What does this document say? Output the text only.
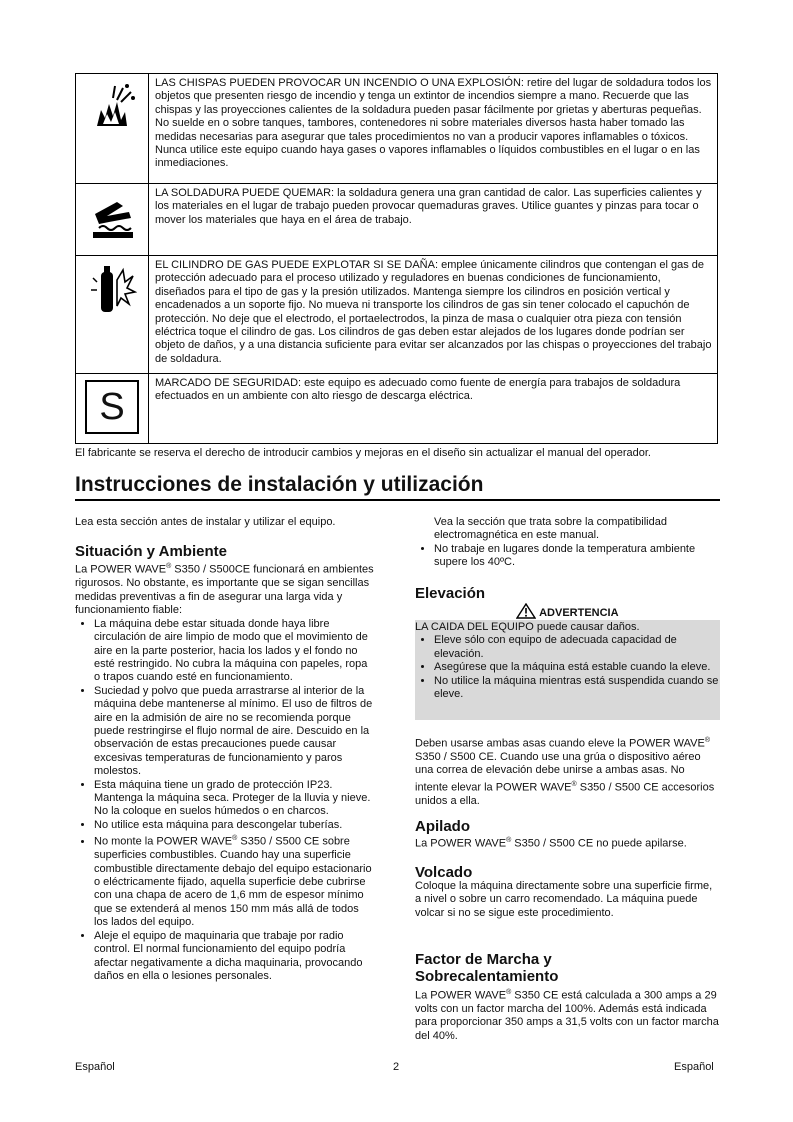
	LAS CHISPAS PUEDEN PROVOCAR UN INCENDIO O UNA EXPLOSIÓN: retire del lugar de soldadura todos los objetos que presenten riesgo de incendio y tenga un extintor de incendios siempre a mano. Recuerde que las chispas y las proyecciones calientes de la soldadura pueden pasar fácilmente por grietas y aberturas pequeñas. No suelde en o sobre tanques, tambores, contenedores ni sobre materiales diversos hasta haber tomado las medidas necesarias para asegurar que tales procedimientos no van a producir vapores inflamables o tóxicos. Nunca utilice este equipo cuando haya gases o vapores inflamables o líquidos combustibles en el lugar o en las inmediaciones.
	LA SOLDADURA PUEDE QUEMAR: la soldadura genera una gran cantidad de calor. Las superficies calientes y los materiales en el lugar de trabajo pueden provocar quemaduras graves. Utilice guantes y pinzas para tocar o mover los materiales que haya en el área de trabajo.
	EL CILINDRO DE GAS PUEDE EXPLOTAR SI SE DAÑA: emplee únicamente cilindros que contengan el gas de protección adecuado para el proceso utilizado y reguladores en buenas condiciones de funcionamiento, diseñados para el tipo de gas y la presión utilizados. Mantenga siempre los cilindros en posición vertical y encadenados a un soporte fijo. No mueva ni transporte los cilindros de gas sin tener colocado el capuchón de protección. No deje que el electrodo, el portaelectrodos, la pinza de masa o cualquier otra pieza con tensión eléctrica toque el cilindro de gas. Los cilindros de gas deben estar alejados de los lugares donde podrían ser objeto de daños, y a una distancia suficiente para evitar ser alcanzados por las chispas o proyecciones del trabajo de soldadura.

S	MARCADO DE SEGURIDAD: este equipo es adecuado como fuente de energía para trabajos de soldadura efectuados en un ambiente con alto riesgo de descarga eléctrica.
El fabricante se reserva el derecho de introducir cambios y mejoras en el diseño sin actualizar el manual del operador.
Instrucciones de instalación y utilización

Lea esta sección antes de instalar y utilizar el equipo.

Situación y Ambiente

La POWER WAVE® S350 / S500CE funcionará en ambientes rigurosos. No obstante, es importante que se sigan sencillas medidas preventivas a fin de asegurar una larga vida y funcionamiento fiable:

• La máquina debe estar situada donde haya libre circulación de aire limpio de modo que el movimiento de aire en la parte posterior, hacia los lados y el fondo no esté restringido. No cubra la máquina con papeles, ropa o trapos cuando esté en funcionamiento.
• Suciedad y polvo que pueda arrastrarse al interior de la máquina debe mantenerse al mínimo. El uso de filtros de aire en la admisión de aire no se recomienda porque puede restringirse el flujo normal de aire. Descuido en la observación de estas precauciones puede causar excesivas temperaturas de funcionamiento y paros molestos.
• Esta máquina tiene un grado de protección IP23. Mantenga la máquina seca. Proteger de la lluvia y nieve. No la coloque en suelos húmedos o en charcos.
• No utilice esta máquina para descongelar tuberías.
• No monte la POWER WAVE® S350 / S500 CE sobre superficies combustibles. Cuando hay una superficie combustible directamente debajo del equipo estacionario o eléctricamente fijado, aquella superficie debe cubrirse con una chapa de acero de 1,6 mm de espesor mínimo que se extenderá al menos 150 mm más allá de todos los lados del equipo.
• Aleje el equipo de maquinaria que trabaje por radio control. El normal funcionamiento del equipo podría afectar negativamente a dicha maquinaria, provocando daños en ella o lesiones personales.

Vea la sección que trata sobre la compatibilidad electromagnética en este manual.

• No trabaje en lugares donde la temperatura ambiente supere los 40ºC.
Elevación
ADVERTENCIA

LA CAIDA DEL EQUIPO puede causar daños.

• Eleve sólo con equipo de adecuada capacidad de elevación.
• Asegúrese que la máquina está estable cuando la eleve.
• No utilice la máquina mientras está suspendida cuando se eleve.

Deben usarse ambas asas cuando eleve la POWER WAVE® S350 / S500 CE. Cuando use una grúa o dispositivo aéreo una correa de elevación debe unirse a ambas asas. No intente elevar la POWER WAVE® S350 / S500 CE accesorios unidos a ella.

Apilado

La POWER WAVE® S350 / S500 CE no puede apilarse.

Volcado
Coloque la máquina directamente sobre una superficie firme, a nivel o sobre un carro recomendado. La máquina puede volcar si no se sigue este procedimiento.
Factor de Marcha y
Sobrecalentamiento

La POWER WAVE® S350 CE está calculada a 300 amps a 29 volts con un factor marcha del 100%. Además está indicada para proporcionar 350 amps a 31,5 volts con un factor marcha del 40%.

Español	2	Español
